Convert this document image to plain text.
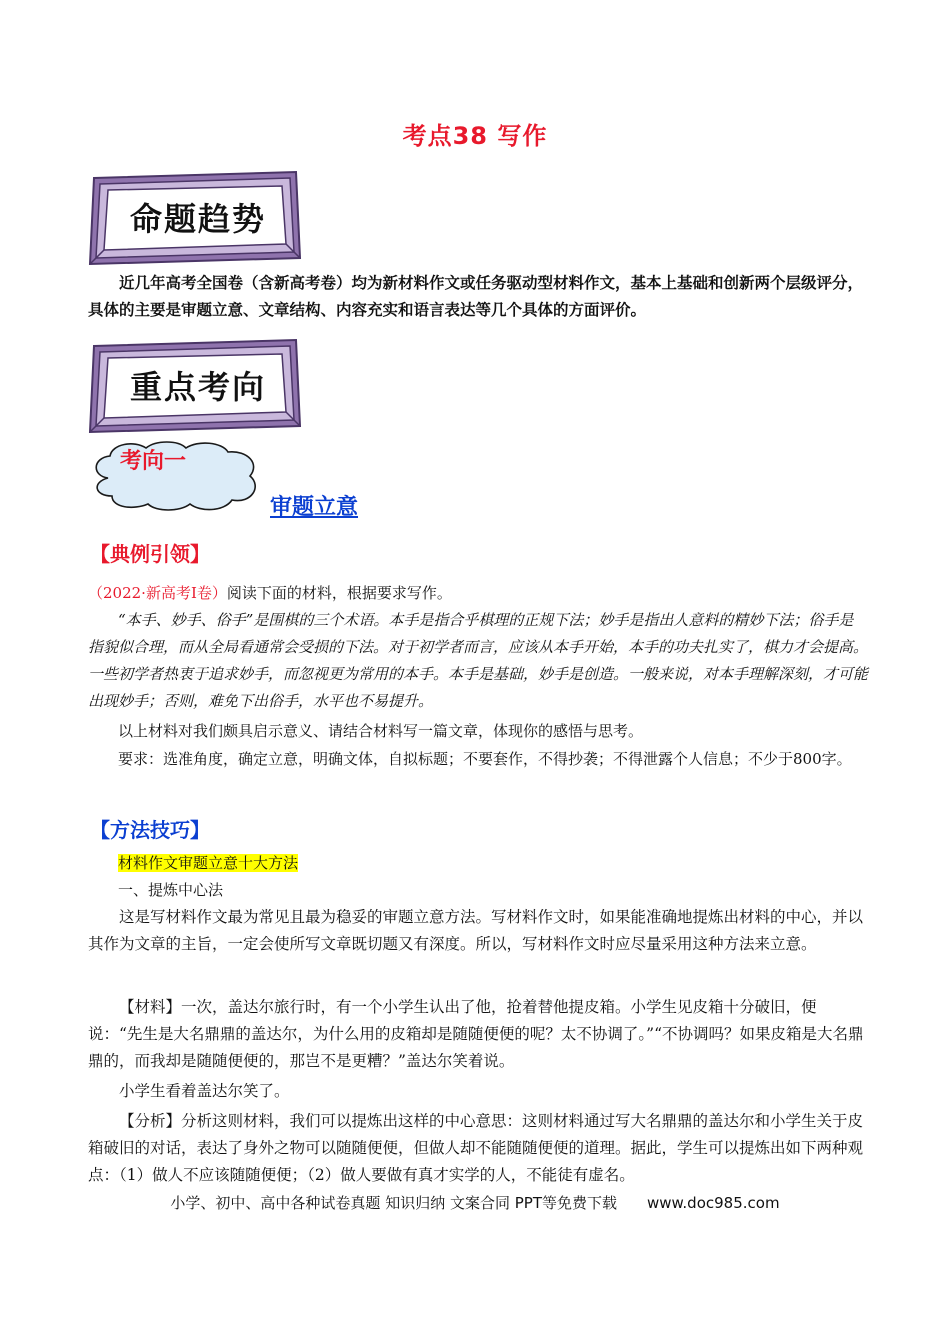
考点38 写作
命题趋势
近几年高考全国卷（含新高考卷）均为新材料作文或任务驱动型材料作文，基本上基础和创新两个层级评分，具体的主要是审题立意、文章结构、内容充实和语言表达等几个具体的方面评价。
重点考向
考向一
审题立意
【典例引领】
（2022·新高考Ⅰ卷）阅读下面的材料，根据要求写作。
“本手、妙手、俗手”是围棋的三个术语。本手是指合乎棋理的正规下法；妙手是指出人意料的精妙下法；俗手是指貌似合理，而从全局看通常会受损的下法。对于初学者而言，应该从本手开始，本手的功夫扎实了，棋力才会提高。一些初学者热衷于追求妙手，而忽视更为常用的本手。本手是基础，妙手是创造。一般来说，对本手理解深刻，才可能出现妙手；否则，难免下出俗手，水平也不易提升。
以上材料对我们颇具启示意义、请结合材料写一篇文章，体现你的感悟与思考。
要求：选准角度，确定立意，明确文体，自拟标题；不要套作，不得抄袭；不得泄露个人信息；不少于800字。
【方法技巧】
材料作文审题立意十大方法
一、提炼中心法
这是写材料作文最为常见且最为稳妥的审题立意方法。写材料作文时，如果能准确地提炼出材料的中心，并以其作为文章的主旨，一定会使所写文章既切题又有深度。所以，写材料作文时应尽量采用这种方法来立意。
【材料】一次，盖达尔旅行时，有一个小学生认出了他，抢着替他提皮箱。小学生见皮箱十分破旧，便说：“先生是大名鼎鼎的盖达尔，为什么用的皮箱却是随随便便的呢？太不协调了。”“不协调吗？如果皮箱是大名鼎鼎的，而我却是随随便便的，那岂不是更糟？”盖达尔笑着说。
小学生看着盖达尔笑了。
【分析】分析这则材料，我们可以提炼出这样的中心意思：这则材料通过写大名鼎鼎的盖达尔和小学生关于皮箱破旧的对话，表达了身外之物可以随随便便，但做人却不能随随便便的道理。据此，学生可以提炼出如下两种观点：（1）做人不应该随随便便；（2）做人要做有真才实学的人，不能徒有虚名。
小学、初中、高中各种试卷真题 知识归纳 文案合同 PPT等免费下载 www.doc985.com
